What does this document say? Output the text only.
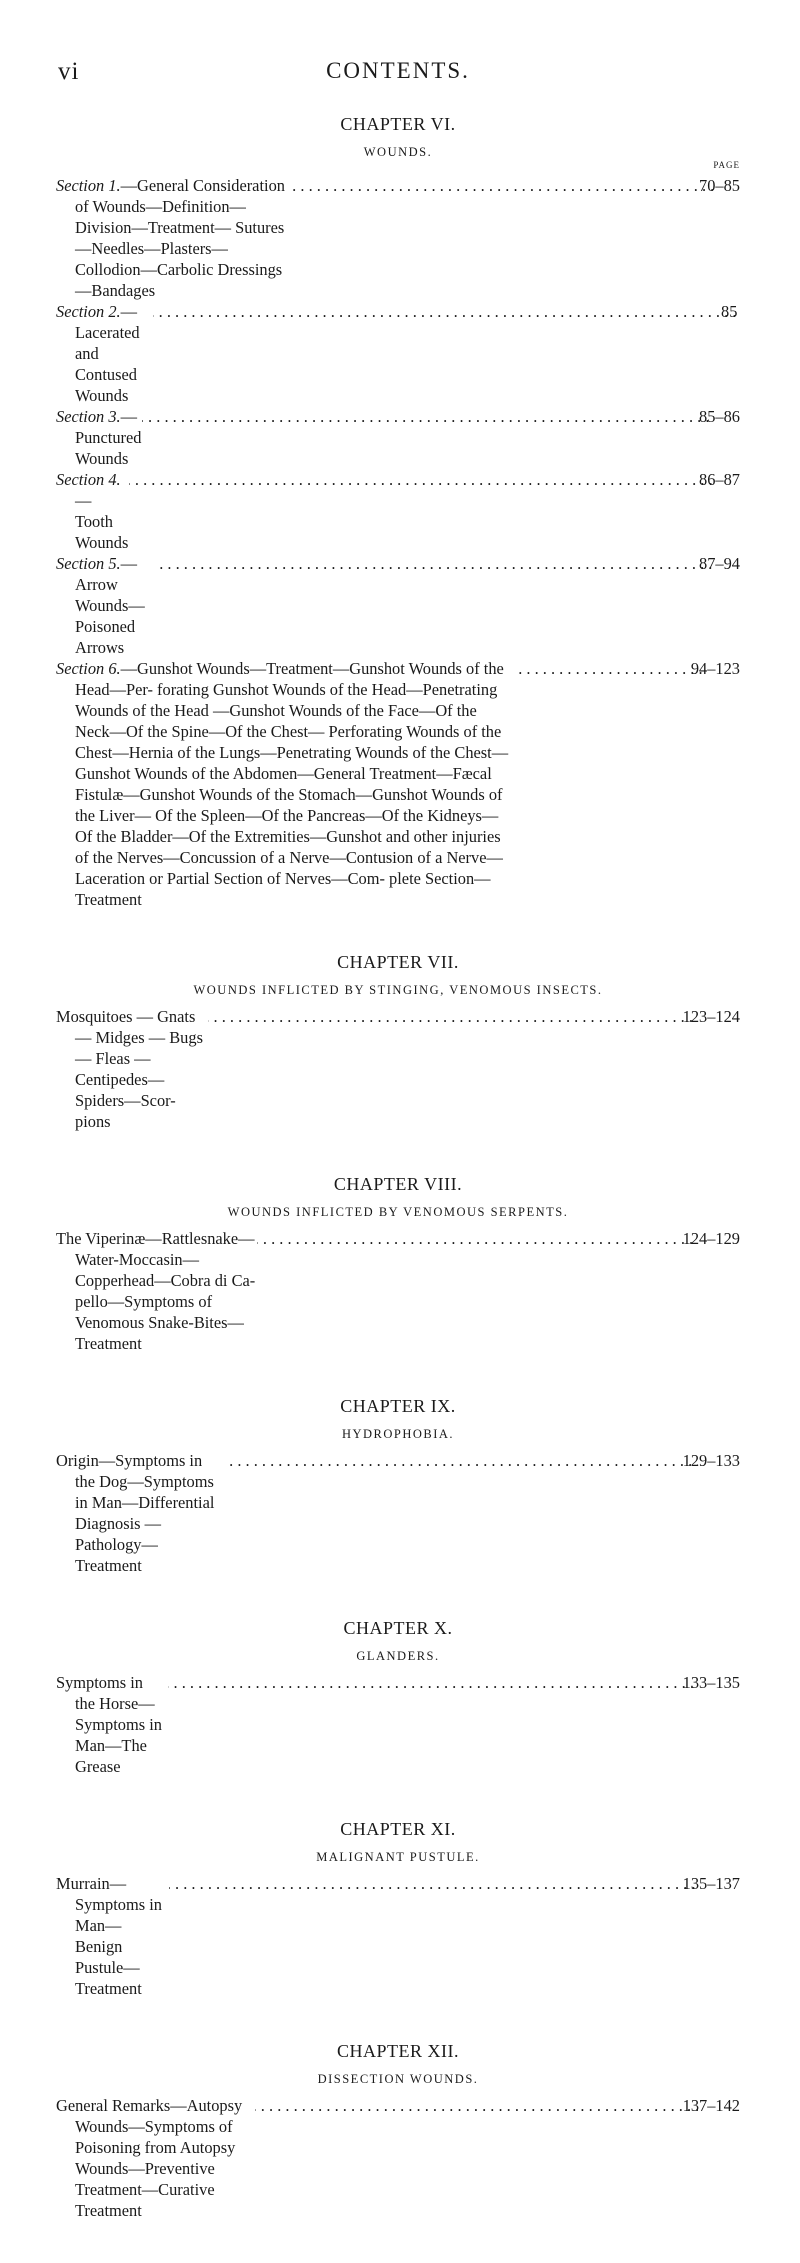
vi	CONTENTS.
CHAPTER VI.
WOUNDS.
PAGE
Section 1.—General Consideration of Wounds—Definition—Division—Treatment— Sutures—Needles—Plasters—Collodion—Carbolic Dressings—Bandages
. . .
70–85
Section 2.—Lacerated and Contused Wounds
. . .
85
Section 3.—Punctured Wounds
. . .
85–86
Section 4.—Tooth Wounds
. . .
86–87
Section 5.—Arrow Wounds—Poisoned Arrows
. . .
87–94
Section 6.—Gunshot Wounds—Treatment—Gunshot Wounds of the Head—Per- forating Gunshot Wounds of the Head—Penetrating Wounds of the Head —Gunshot Wounds of the Face—Of the Neck—Of the Spine—Of the Chest— Perforating Wounds of the Chest—Hernia of the Lungs—Penetrating Wounds of the Chest—Gunshot Wounds of the Abdomen—General Treatment—Fæcal Fistulæ—Gunshot Wounds of the Stomach—Gunshot Wounds of the Liver— Of the Spleen—Of the Pancreas—Of the Kidneys—Of the Bladder—Of the Extremities—Gunshot and other injuries of the Nerves—Concussion of a Nerve—Contusion of a Nerve—Laceration or Partial Section of Nerves—Com- plete Section—Treatment
. . .
94–123
CHAPTER VII.
WOUNDS INFLICTED BY STINGING, VENOMOUS INSECTS.
Mosquitoes — Gnats — Midges — Bugs — Fleas — Centipedes—Spiders—Scor- pions
. . .
123–124
CHAPTER VIII.
WOUNDS INFLICTED BY VENOMOUS SERPENTS.
The Viperinæ—Rattlesnake—Water-Moccasin—Copperhead—Cobra di Ca- pello—Symptoms of Venomous Snake-Bites—Treatment
. . .
124–129
CHAPTER IX.
HYDROPHOBIA.
Origin—Symptoms in the Dog—Symptoms in Man—Differential Diagnosis —Pathology—Treatment
. . .
129–133
CHAPTER X.
GLANDERS.
Symptoms in the Horse—Symptoms in Man—The Grease
. . .
133–135
CHAPTER XI.
MALIGNANT PUSTULE.
Murrain—Symptoms in Man—Benign Pustule—Treatment
. . .
135–137
CHAPTER XII.
DISSECTION WOUNDS.
General Remarks—Autopsy Wounds—Symptoms of Poisoning from Autopsy Wounds—Preventive Treatment—Curative Treatment
. . .
137–142
